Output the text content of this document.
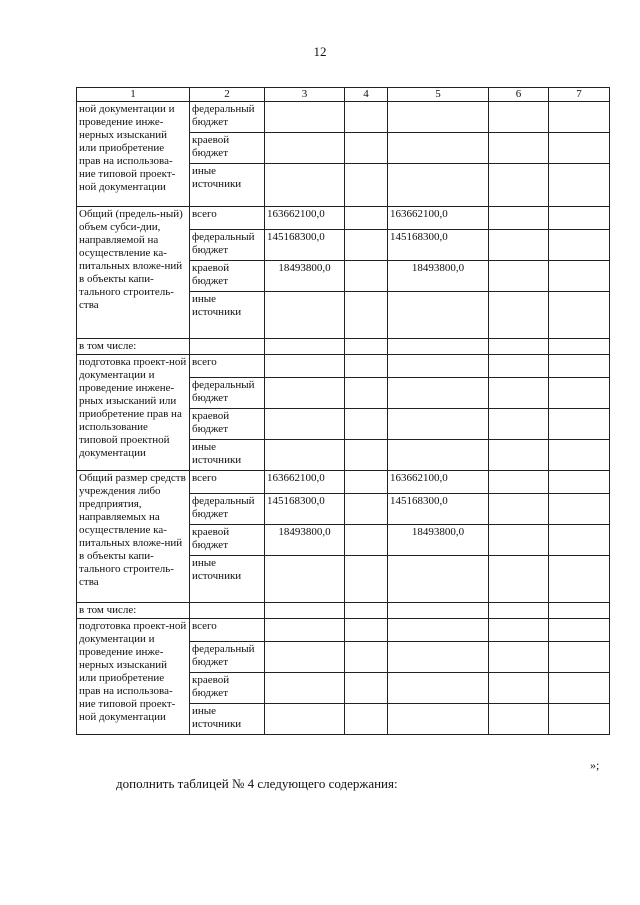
12
1	2	3	4	5	6	7
ной документации и проведение инже-нерных изысканий или приобретение прав на использова-ние типовой проект-ной документации	федеральный бюджет					
	краевой бюджет					
	иные источники					
Общий (предель-ный) объем субси-дии, направляемой на осуществление ка-питальных вложе-ний в объекты капи-тального строитель-ства	всего	163662100,0		163662100,0		
	федеральный бюджет	145168300,0		145168300,0		
	краевой бюджет	18493800,0		18493800,0		
	иные источники					
в том числе:						
подготовка проект-ной документации и проведение инжене-рных изысканий или приобретение прав на использование типовой проектной документации	всего					
	федеральный бюджет					
	краевой бюджет					
	иные источники					
Общий размер средств учреждения либо предприятия, направляемых на осуществление ка-питальных вложе-ний в объекты капи-тального строитель-ства	всего	163662100,0		163662100,0		
	федеральный бюджет	145168300,0		145168300,0		
	краевой бюджет	18493800,0		18493800,0		
	иные источники					
в том числе:						
подготовка проект-ной документации и проведение инже-нерных изысканий или приобретение прав на использова-ние типовой проект-ной документации	всего					
	федеральный бюджет					
	краевой бюджет					
	иные источники					
»;
дополнить таблицей № 4 следующего содержания:
